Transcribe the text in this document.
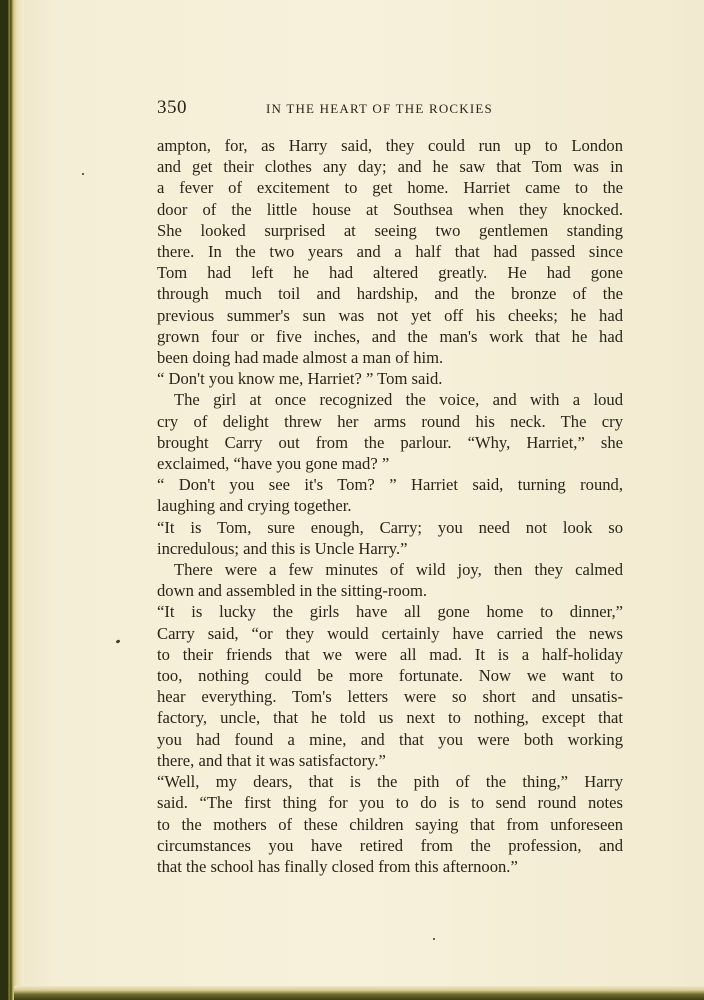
350	IN THE HEART OF THE ROCKIES

ampton, for, as Harry said, they could run up to London

and get their clothes any day; and he saw that Tom was in

a fever of excitement to get home. Harriet came to the

door of the little house at Southsea when they knocked.

She looked surprised at seeing two gentlemen standing

there. In the two years and a half that had passed since

Tom had left he had altered greatly. He had gone

through much toil and hardship, and the bronze of the

previous summer's sun was not yet off his cheeks; he had

grown four or five inches, and the man's work that he had

been doing had made almost a man of him.

“ Don't you know me, Harriet? ” Tom said.

The girl at once recognized the voice, and with a loud

cry of delight threw her arms round his neck. The cry

brought Carry out from the parlour. “Why, Harriet,” she

exclaimed, “have you gone mad? ”

“ Don't you see it's Tom? ” Harriet said, turning round,

laughing and crying together.

“It is Tom, sure enough, Carry; you need not look so

incredulous; and this is Uncle Harry.”

There were a few minutes of wild joy, then they calmed

down and assembled in the sitting-room.

“It is lucky the girls have all gone home to dinner,”

Carry said, “or they would certainly have carried the news

to their friends that we were all mad. It is a half-holiday

too, nothing could be more fortunate. Now we want to

hear everything. Tom's letters were so short and unsatis-

factory, uncle, that he told us next to nothing, except that

you had found a mine, and that you were both working

there, and that it was satisfactory.”

“Well, my dears, that is the pith of the thing,” Harry

said. “The first thing for you to do is to send round notes

to the mothers of these children saying that from unforeseen

circumstances you have retired from the profession, and

that the school has finally closed from this afternoon.”
